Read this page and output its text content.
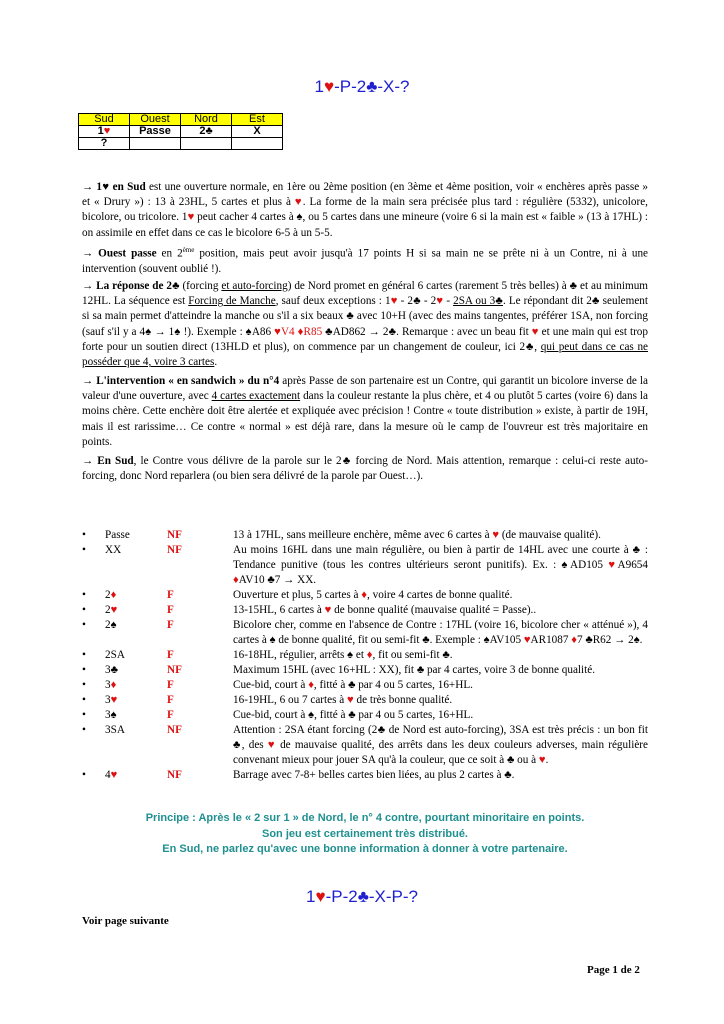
1♥-P-2♣-X-?
Sud	Ouest	Nord	Est
1♥	Passe	2♣	X
?			
→ 1♥ en Sud est une ouverture normale, en 1ère ou 2ème position (en 3ème et 4ème position, voir « enchères après passe » et « Drury ») : 13 à 23HL, 5 cartes et plus à ♥. La forme de la main sera précisée plus tard : régulière (5332), unicolore, bicolore, ou tricolore. 1♥ peut cacher 4 cartes à ♠, ou 5 cartes dans une mineure (voire 6 si la main est « faible » (13 à 17HL) : on assimile en effet dans ce cas le bicolore 6-5 à un 5-5.
→ Ouest passe en 2ème position, mais peut avoir jusqu'à 17 points H si sa main ne se prête ni à un Contre, ni à une intervention (souvent oublié !).
→ La réponse de 2♣ (forcing et auto-forcing) de Nord promet en général 6 cartes (rarement 5 très belles) à ♣ et au minimum 12HL. La séquence est Forcing de Manche, sauf deux exceptions : 1♥ - 2♣ - 2♥ - 2SA ou 3♣. Le répondant dit 2♣ seulement si sa main permet d'atteindre la manche ou s'il a six beaux ♣ avec 10+H (avec des mains tangentes, préférer 1SA, non forcing (sauf s'il y a 4♠ → 1♠ !). Exemple : ♠A86 ♥V4 ♦R85 ♣AD862 → 2♣. Remarque : avec un beau fit ♥ et une main qui est trop forte pour un soutien direct (13HLD et plus), on commence par un changement de couleur, ici 2♣, qui peut dans ce cas ne posséder que 4, voire 3 cartes.
→ L'intervention « en sandwich » du n°4 après Passe de son partenaire est un Contre, qui garantit un bicolore inverse de la valeur d'une ouverture, avec 4 cartes exactement dans la couleur restante la plus chère, et 4 ou plutôt 5 cartes (voire 6) dans la moins chère. Cette enchère doit être alertée et expliquée avec précision ! Contre « toute distribution » existe, à partir de 19H, mais il est rarissime… Ce contre « normal » est déjà rare, dans la mesure où le camp de l'ouvreur est très majoritaire en points.
→ En Sud, le Contre vous délivre de la parole sur le 2♣ forcing de Nord. Mais attention, remarque : celui-ci reste auto-forcing, donc Nord reparlera (ou bien sera délivré de la parole par Ouest…).
• Passe	NF	13 à 17HL, sans meilleure enchère, même avec 6 cartes à ♥ (de mauvaise qualité).
• XX	NF	Au moins 16HL dans une main régulière, ou bien à partir de 14HL avec une courte à ♣ : Tendance punitive (tous les contres ultérieurs seront punitifs). Ex. : ♠AD105 ♥A9654 ♦AV10 ♣7 → XX.
• 2♦	F	Ouverture et plus, 5 cartes à ♦, voire 4 cartes de bonne qualité.
• 2♥	F	13-15HL, 6 cartes à ♥ de bonne qualité (mauvaise qualité = Passe)..
• 2♠	F	Bicolore cher, comme en l'absence de Contre : 17HL (voire 16, bicolore cher « atténué »), 4 cartes à ♠ de bonne qualité, fit ou semi-fit ♣. Exemple : ♠AV105 ♥AR1087 ♦7 ♣R62 → 2♠.
• 2SA	F	16-18HL, régulier, arrêts ♠ et ♦, fit ou semi-fit ♣.
• 3♣	NF	Maximum 15HL (avec 16+HL : XX), fit ♣ par 4 cartes, voire 3 de bonne qualité.
• 3♦	F	Cue-bid, court à ♦, fitté à ♣ par 4 ou 5 cartes, 16+HL.
• 3♥	F	16-19HL, 6 ou 7 cartes à ♥ de très bonne qualité.
• 3♠	F	Cue-bid, court à ♠, fitté à ♣ par 4 ou 5 cartes, 16+HL.
• 3SA	NF	Attention : 2SA étant forcing (2♣ de Nord est auto-forcing), 3SA est très précis : un bon fit ♣, des ♥ de mauvaise qualité, des arrêts dans les deux couleurs adverses, main régulière convenant mieux pour jouer SA qu'à la couleur, que ce soit à ♣ ou à ♥.
• 4♥	NF	Barrage avec 7-8+ belles cartes bien liées, au plus 2 cartes à ♣.
Principe : Après le « 2 sur 1 » de Nord, le n° 4 contre, pourtant minoritaire en points.
Son jeu est certainement très distribué.
En Sud, ne parlez qu'avec une bonne information à donner à votre partenaire.
1♥-P-2♣-X-P-?
Voir page suivante
Page 1 de 2
